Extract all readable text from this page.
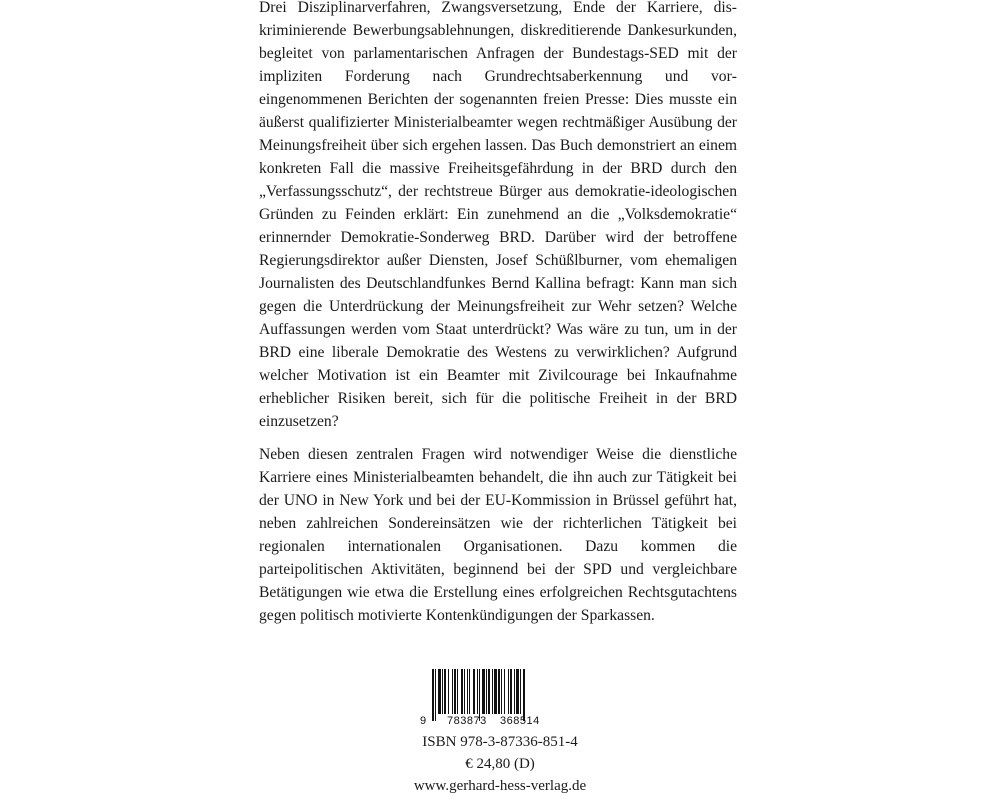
Drei Disziplinarverfahren, Zwangsversetzung, Ende der Karriere, diskriminierende Bewerbungsablehnungen, diskreditierende Dankesurkunden, begleitet von parlamentarischen Anfragen der Bundestags-SED mit der impliziten Forderung nach Grundrechtsaberkennung und voreingenommenen Berichten der sogenannten freien Presse: Dies musste ein äußerst qualifizierter Ministerialbeamter wegen rechtmäßiger Ausübung der Meinungsfreiheit über sich ergehen lassen. Das Buch demonstriert an einem konkreten Fall die massive Freiheitsgefährdung in der BRD durch den „Verfassungsschutz“, der rechtstreue Bürger aus demokratie-ideologischen Gründen zu Feinden erklärt: Ein zunehmend an die „Volksdemokratie“ erinnernder Demokratie-Sonderweg BRD. Darüber wird der betroffene Regierungsdirektor außer Diensten, Josef Schüßlburner, vom ehemaligen Journalisten des Deutschlandfunkes Bernd Kallina befragt: Kann man sich gegen die Unterdrückung der Meinungsfreiheit zur Wehr setzen? Welche Auffassungen werden vom Staat unterdrückt? Was wäre zu tun, um in der BRD eine liberale Demokratie des Westens zu verwirklichen? Aufgrund welcher Motivation ist ein Beamter mit Zivilcourage bei Inkaufnahme erheblicher Risiken bereit, sich für die politische Freiheit in der BRD einzusetzen?

Neben diesen zentralen Fragen wird notwendiger Weise die dienstliche Karriere eines Ministerialbeamten behandelt, die ihn auch zur Tätigkeit bei der UNO in New York und bei der EU-Kommission in Brüssel geführt hat, neben zahlreichen Sondereinsätzen wie der richterlichen Tätigkeit bei regionalen internationalen Organisationen. Dazu kommen die parteipolitischen Aktivitäten, beginnend bei der SPD und vergleichbare Betätigungen wie etwa die Erstellung eines erfolgreichen Rechtsgutachtens gegen politisch motivierte Kontenkündigungen der Sparkassen.

9 783873 368514
ISBN 978-3-87336-851-4
€ 24,80 (D)
www.gerhard-hess-verlag.de
